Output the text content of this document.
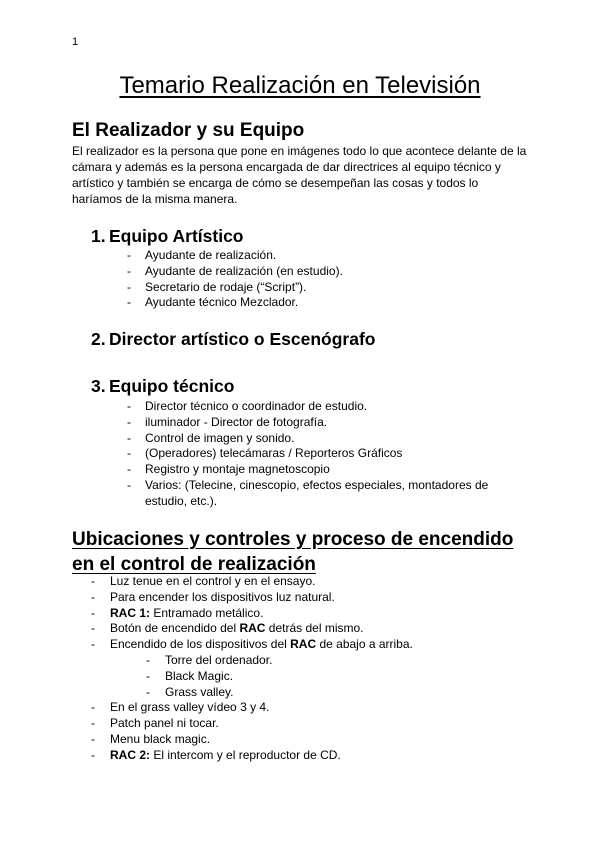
1
Temario Realización en Televisión
El Realizador y su Equipo

El realizador es la persona que pone en imágenes todo lo que acontece delante de la cámara y además es la persona encargada de dar directrices al equipo técnico y artístico y también se encarga de cómo se desempeñan las cosas y todos lo haríamos de la misma manera.

1. Equipo Artístico
- Ayudante de realización.
- Ayudante de realización (en estudio).
- Secretario de rodaje (“Script”).
- Ayudante técnico Mezclador.
2. Director artístico o Escenógrafo
3. Equipo técnico
- Director técnico o coordinador de estudio.
- iluminador - Director de fotografía.
- Control de imagen y sonido.
- (Operadores) telecámaras / Reporteros Gráficos
- Registro y montaje magnetoscopio
- Varios: (Telecine, cinescopio, efectos especiales, montadores de estudio, etc.).
Ubicaciones y controles y proceso de encendido en el control de realización
- Luz tenue en el control y en el ensayo.
- Para encender los dispositivos luz natural.
- RAC 1: Entramado metálico.
- Botón de encendido del RAC detrás del mismo.
- Encendido de los dispositivos del RAC de abajo a arriba.
- Torre del ordenador.
- Black Magic.
- Grass valley.
- En el grass valley vídeo 3 y 4.
- Patch panel ni tocar.
- Menu black magic.
- RAC 2: El intercom y el reproductor de CD.
